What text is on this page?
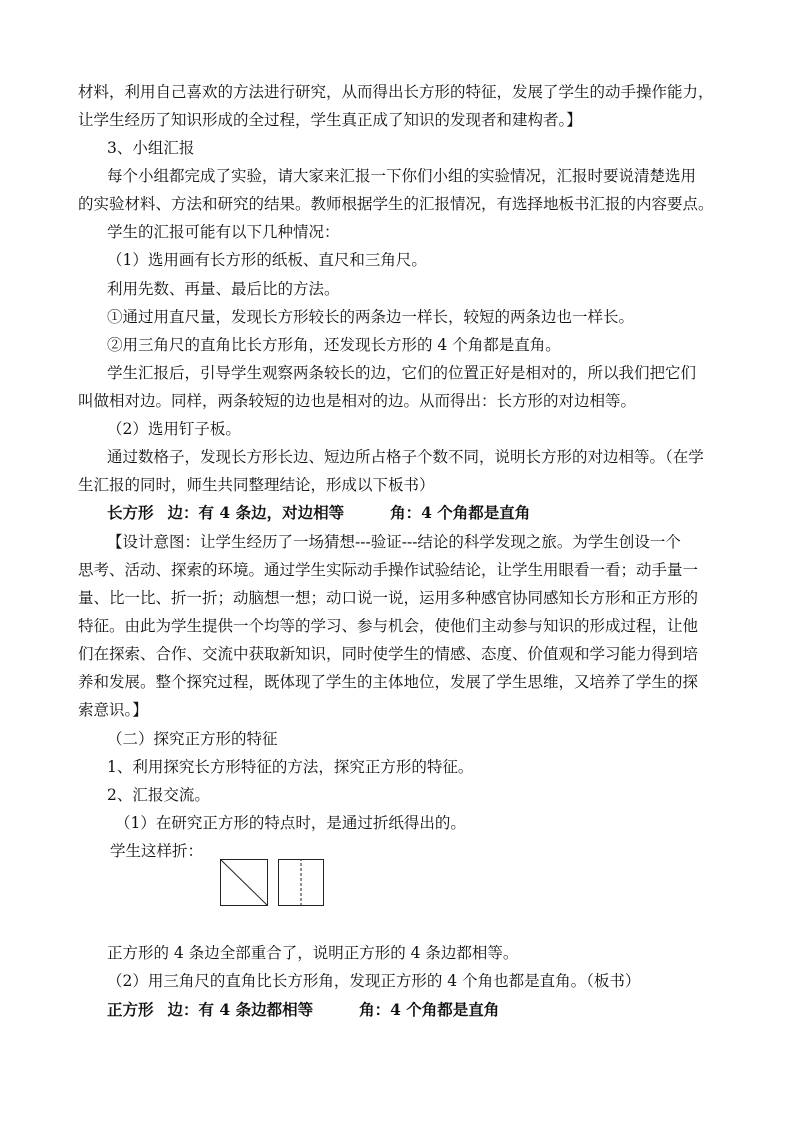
材料，利用自己喜欢的方法进行研究，从而得出长方形的特征，发展了学生的动手操作能力，
让学生经历了知识形成的全过程，学生真正成了知识的发现者和建构者。】
3、小组汇报
每个小组都完成了实验，请大家来汇报一下你们小组的实验情况，汇报时要说清楚选用
的实验材料、方法和研究的结果。教师根据学生的汇报情况，有选择地板书汇报的内容要点。
学生的汇报可能有以下几种情况：
（1）选用画有长方形的纸板、直尺和三角尺。
利用先数、再量、最后比的方法。
①通过用直尺量，发现长方形较长的两条边一样长，较短的两条边也一样长。
②用三角尺的直角比长方形角，还发现长方形的 4 个角都是直角。
学生汇报后，引导学生观察两条较长的边，它们的位置正好是相对的，所以我们把它们
叫做相对边。同样，两条较短的边也是相对的边。从而得出：长方形的对边相等。
（2）选用钉子板。
通过数格子，发现长方形长边、短边所占格子个数不同，说明长方形的对边相等。（在学
生汇报的同时，师生共同整理结论，形成以下板书）
长方形 边：有 4 条边，对边相等	角：4 个角都是直角
【设计意图：让学生经历了一场猜想---验证---结论的科学发现之旅。为学生创设一个
思考、活动、探索的环境。通过学生实际动手操作试验结论，让学生用眼看一看；动手量一
量、比一比、折一折；动脑想一想；动口说一说，运用多种感官协同感知长方形和正方形的
特征。由此为学生提供一个均等的学习、参与机会，使他们主动参与知识的形成过程，让他
们在探索、合作、交流中获取新知识，同时使学生的情感、态度、价值观和学习能力得到培
养和发展。整个探究过程，既体现了学生的主体地位，发展了学生思维，又培养了学生的探
索意识。】
（二）探究正方形的特征
1、利用探究长方形特征的方法，探究正方形的特征。
2、汇报交流。
（1）在研究正方形的特点时，是通过折纸得出的。
学生这样折：
正方形的 4 条边全部重合了，说明正方形的 4 条边都相等。
（2）用三角尺的直角比长方形角，发现正方形的 4 个角也都是直角。（板书）
正方形 边：有 4 条边都相等	角：4 个角都是直角
